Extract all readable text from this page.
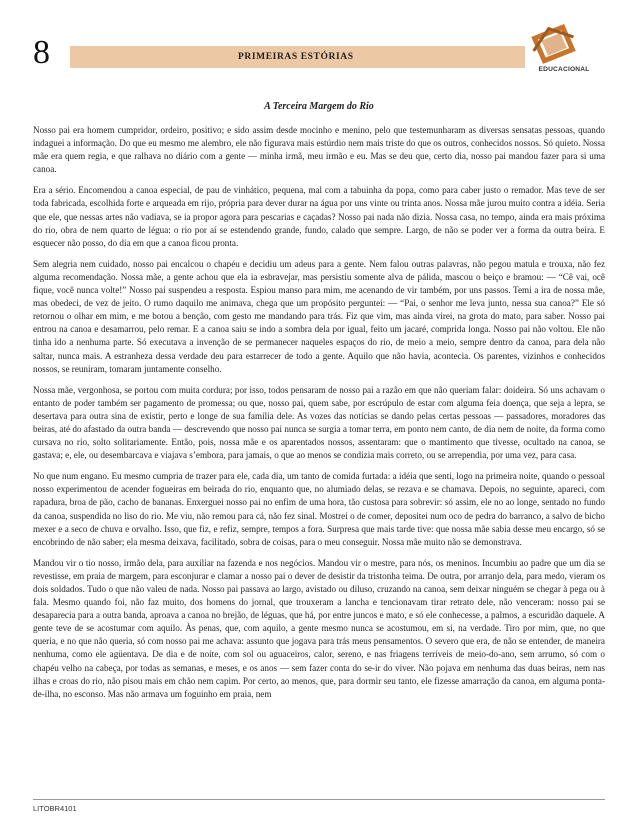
8	PRIMEIRAS ESTÓRIAS
EDUCACIONAL
A Terceira Margem do Rio

Nosso pai era homem cumpridor, ordeiro, positivo; e sido assim desde mocinho e menino, pelo que testemunharam as diversas sensatas pessoas, quando indaguei a informação. Do que eu mesmo me alembro, ele não figurava mais estúrdio nem mais triste do que os outros, conhecidos nossos. Só quieto. Nossa mãe era quem regia, e que ralhava no diário com a gente — minha irmã, meu irmão e eu. Mas se deu que, certo dia, nosso pai mandou fazer para si uma canoa.

Era a sério. Encomendou a canoa especial, de pau de vinhático, pequena, mal com a tabuinha da popa, como para caber justo o remador. Mas teve de ser toda fabricada, escolhida forte e arqueada em rijo, própria para dever durar na água por uns vinte ou trinta anos. Nossa mãe jurou muito contra a idéia. Seria que ele, que nessas artes não vadiava, se ia propor agora para pescarias e caçadas? Nosso pai nada não dizia. Nossa casa, no tempo, ainda era mais próxima do rio, obra de nem quarto de légua: o rio por aí se estendendo grande, fundo, calado que sempre. Largo, de não se poder ver a forma da outra beira. E esquecer não posso, do dia em que a canoa ficou pronta.

Sem alegria nem cuidado, nosso pai encalcou o chapéu e decidiu um adeus para a gente. Nem falou outras palavras, não pegou matula e trouxa, não fez alguma recomendação. Nossa mãe, a gente achou que ela ia esbravejar, mas persistiu somente alva de pálida, mascou o beiço e bramou: — “Cê vai, ocê fique, você nunca volte!” Nosso pai suspendeu a resposta. Espiou manso para mim, me acenando de vir também, por uns passos. Temi a ira de nossa mãe, mas obedeci, de vez de jeito. O rumo daquilo me animava, chega que um propósito perguntei: — “Pai, o senhor me leva junto, nessa sua canoa?” Ele só retornou o olhar em mim, e me botou a benção, com gesto me mandando para trás. Fiz que vim, mas ainda virei, na grota do mato, para saber. Nosso pai entrou na canoa e desamarrou, pelo remar. E a canoa saiu se indo a sombra dela por igual, feito um jacaré, comprida longa. Nosso pai não voltou. Ele não tinha ido a nenhuma parte. Só executava a invenção de se permanecer naqueles espaços do rio, de meio a meio, sempre dentro da canoa, para dela não saltar, nunca mais. A estranheza dessa verdade deu para estarrecer de todo a gente. Aquilo que não havia, acontecia. Os parentes, vizinhos e conhecidos nossos, se reuniram, tomaram juntamente conselho.

Nossa mãe, vergonhosa, se portou com muita cordura; por isso, todos pensaram de nosso pai a razão em que não queriam falar: doideira. Só uns achavam o entanto de poder também ser pagamento de promessa; ou que, nosso pai, quem sabe, por escrúpulo de estar com alguma feia doença, que seja a lepra, se desertava para outra sina de existir, perto e longe de sua família dele. As vozes das notícias se dando pelas certas pessoas — passadores, moradores das beiras, até do afastado da outra banda — descrevendo que nosso pai nunca se surgia a tomar terra, em ponto nem canto, de dia nem de noite, da forma como cursava no rio, solto solitariamente. Então, pois, nossa mãe e os aparentados nossos, assentaram: que o mantimento que tivesse, ocultado na canoa, se gastava; e, ele, ou desembarcava e viajava s’embora, para jamais, o que ao menos se condizia mais correto, ou se arrependia, por uma vez, para casa.

No que num engano. Eu mesmo cumpria de trazer para ele, cada dia, um tanto de comida furtada: a idéia que senti, logo na primeira noite, quando o pessoal nosso experimentou de acender fogueiras em beirada do rio, enquanto que, no alumiado delas, se rezava e se chamava. Depois, no seguinte, apareci, com rapadura, broa de pão, cacho de bananas. Enxerguei nosso pai no enfim de uma hora, tão custosa para sobrevir: só assim, ele no ao longe, sentado no fundo da canoa, suspendida no liso do rio. Me viu, não remou para cá, não fez sinal. Mostrei o de comer, depositei num oco de pedra do barranco, a salvo de bicho mexer e a seco de chuva e orvalho. Isso, que fiz, e refiz, sempre, tempos a fora. Surpresa que mais tarde tive: que nossa mãe sabia desse meu encargo, só se encobrindo de não saber; ela mesma deixava, facilitado, sobra de coisas, para o meu conseguir. Nossa mãe muito não se demonstrava.

Mandou vir o tio nosso, irmão dela, para auxiliar na fazenda e nos negócios. Mandou vir o mestre, para nós, os meninos. Incumbiu ao padre que um dia se revestisse, em praia de margem, para esconjurar e clamar a nosso pai o dever de desistir da tristonha teima. De outra, por arranjo dela, para medo, vieram os dois soldados. Tudo o que não valeu de nada. Nosso pai passava ao largo, avistado ou diluso, cruzando na canoa, sem deixar ninguém se chegar à pega ou à fala. Mesmo quando foi, não faz muito, dos homens do jornal, que trouxeram a lancha e tencionavam tirar retrato dele, não venceram: nosso pai se desaparecia para a outra banda, aproava a canoa no brejão, de léguas, que há, por entre juncos e mato, e só ele conhecesse, a palmos, a escuridão daquele. A gente teve de se acostumar com aquilo. Às penas, que, com aquilo, a gente mesmo nunca se acostumou, em si, na verdade. Tiro por mim, que, no que queria, e no que não queria, só com nosso pai me achava: assunto que jogava para trás meus pensamentos. O severo que era, de não se entender, de maneira nenhuma, como ele agüentava. De dia e de noite, com sol ou aguaceiros, calor, sereno, e nas friagens terríveis de meio-do-ano, sem arrumo, só com o chapéu velho na cabeça, por todas as semanas, e meses, e os anos — sem fazer conta do se-ir do viver. Não pojava em nenhuma das duas beiras, nem nas ilhas e croas do rio, não pisou mais em chão nem capim. Por certo, ao menos, que, para dormir seu tanto, ele fizesse amarração da canoa, em alguma ponta-de-ilha, no esconso. Mas não armava um foguinho em praia, nem

LITOBR4101
